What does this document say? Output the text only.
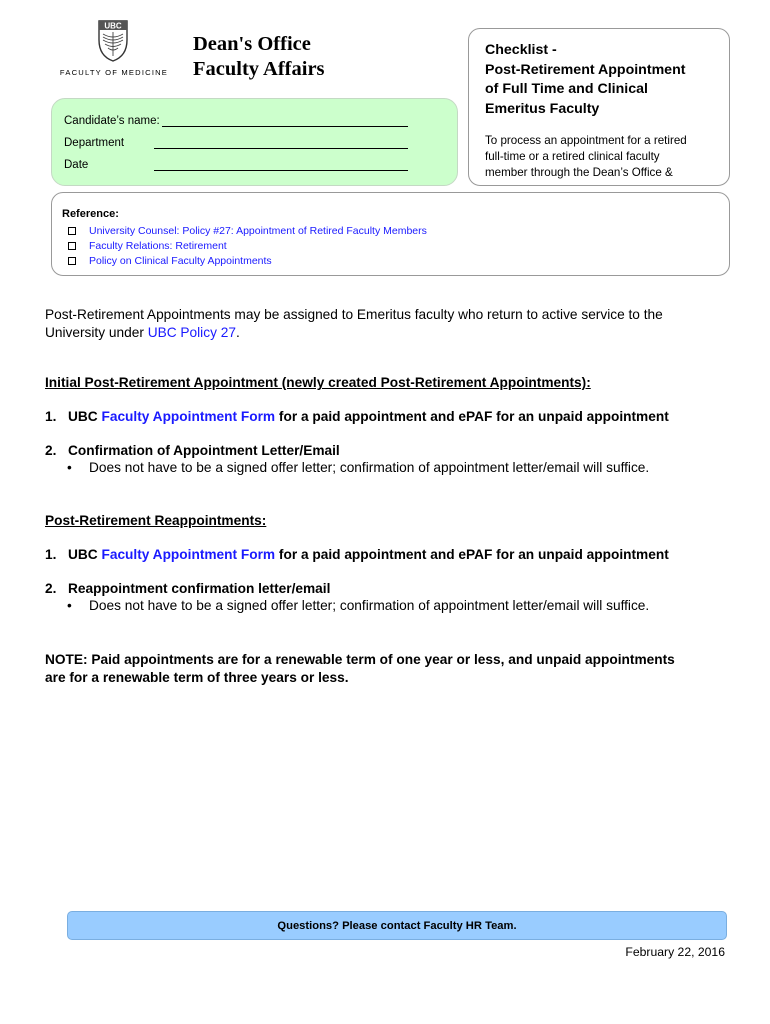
UBC
FACULTY OF MEDICINE
Dean's Office
Faculty Affairs
Candidate’s name:
Department
Date
Checklist -
Post-Retirement Appointment
of Full Time and Clinical
Emeritus Faculty
To process an appointment for a retired
full-time or a retired clinical faculty
member through the Dean’s Office &
Reference:
University Counsel: Policy #27: Appointment of Retired Faculty Members
Faculty Relations: Retirement
Policy on Clinical Faculty Appointments
Post-Retirement Appointments may be assigned to Emeritus faculty who return to active service to the
University under UBC Policy 27.
Initial Post-Retirement Appointment (newly created Post-Retirement Appointments):
1. UBC Faculty Appointment Form for a paid appointment and ePAF for an unpaid appointment
2. Confirmation of Appointment Letter/Email
• Does not have to be a signed offer letter; confirmation of appointment letter/email will suffice.
Post-Retirement Reappointments:
1. UBC Faculty Appointment Form for a paid appointment and ePAF for an unpaid appointment
2. Reappointment confirmation letter/email
• Does not have to be a signed offer letter; confirmation of appointment letter/email will suffice.
NOTE: Paid appointments are for a renewable term of one year or less, and unpaid appointments
are for a renewable term of three years or less.
Questions? Please contact Faculty HR Team.
February 22, 2016
